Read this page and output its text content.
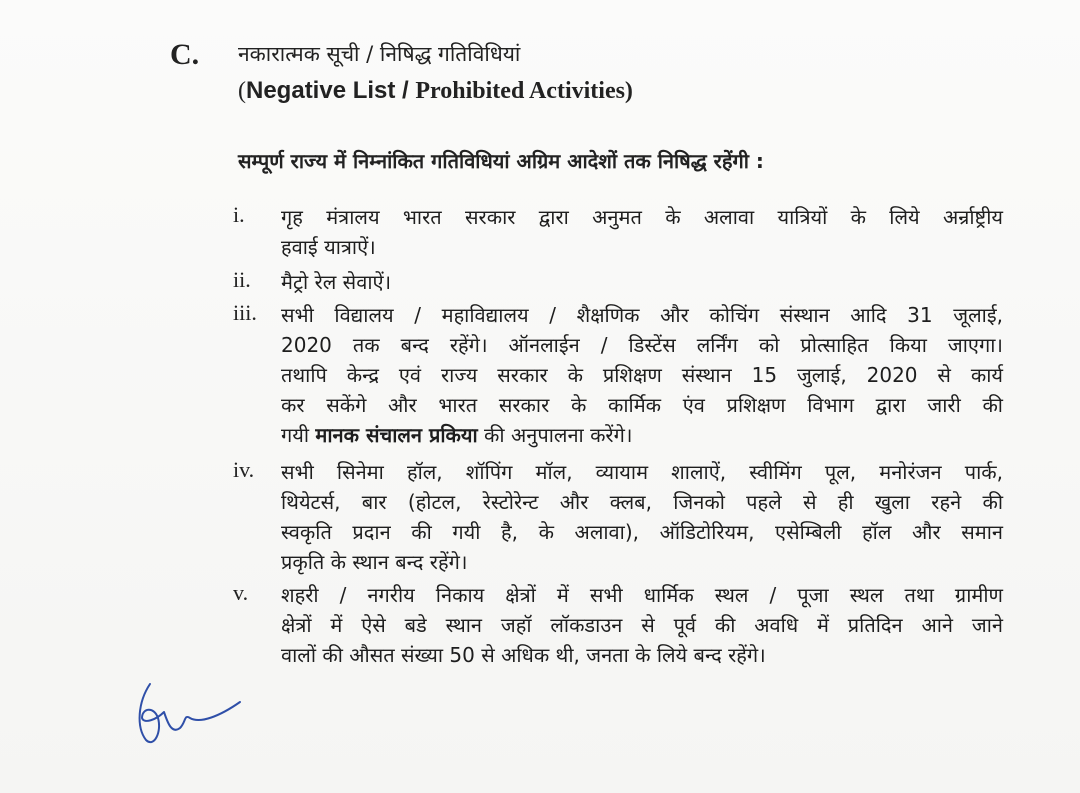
C. नकारात्मक सूची / निषिद्ध गतिविधियां
(Negative List / Prohibited Activities)
सम्पूर्ण राज्य में निम्नांकित गतिविधियां अग्रिम आदेशों तक निषिद्ध रहेंगी :
i. गृह मंत्रालय भारत सरकार द्वारा अनुमत के अलावा यात्रियों के लिये अर्न्राष्ट्रीय
हवाई यात्राऐं।
ii. मैट्रो रेल सेवाऐं।
iii. सभी विद्यालय / महाविद्यालय / शैक्षणिक और कोचिंग संस्थान आदि 31 जूलाई,
2020 तक बन्द रहेंगे। ऑनलाईन / डिस्टेंस लर्निंग को प्रोत्साहित किया जाएगा।
तथापि केन्द्र एवं राज्य सरकार के प्रशिक्षण संस्थान 15 जुलाई, 2020 से कार्य
कर सकेंगे और भारत सरकार के कार्मिक एंव प्रशिक्षण विभाग द्वारा जारी की
गयी मानक संचालन प्रकिया की अनुपालना करेंगे।
iv. सभी सिनेमा हॉल, शॉपिंग मॉल, व्यायाम शालाऐं, स्वीमिंग पूल, मनोरंजन पार्क,
थियेटर्स, बार (होटल, रेस्टोरेन्ट और क्लब, जिनको पहले से ही खुला रहने की
स्वकृति प्रदान की गयी है, के अलावा), ऑडिटोरियम, एसेम्बिली हॉल और समान
प्रकृति के स्थान बन्द रहेंगे।
v. शहरी / नगरीय निकाय क्षेत्रों में सभी धार्मिक स्थल / पूजा स्थल तथा ग्रामीण
क्षेत्रों में ऐसे बडे स्थान जहॉ लॉकडाउन से पूर्व की अवधि में प्रतिदिन आने जाने
वालों की औसत संख्या 50 से अधिक थी, जनता के लिये बन्द रहेंगे।
